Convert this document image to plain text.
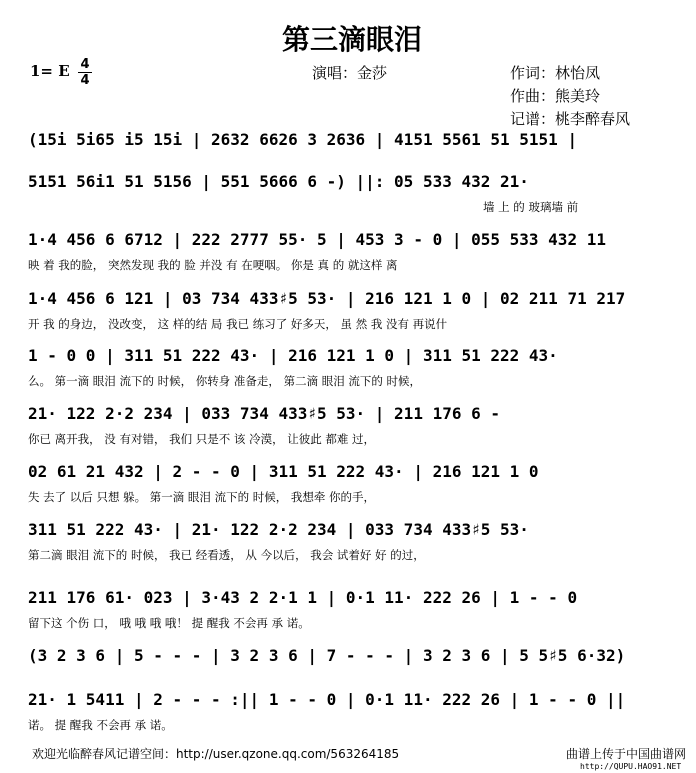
第三滴眼泪
1= E 4
4	演唱：金莎	作词：林怡凤
作曲：熊美玲
记谱：桃李醉春风
(15i 5i65 i5 15i | 2632 6626 3 2636 | 4151 5561 51 5151 |
5151 56i1 51 5156 | 551 5666 6 -) ||: 05 533 432 21·
墙 上 的 玻璃墙 前
1·4 456 6 6712 | 222 2777 55· 5 | 453 3 - 0 | 055 533 432 11
映 着 我的脸， 突然发现 我的 脸 并没 有 在哽咽。 你是 真 的 就这样 离
1·4 456 6 121 | 03 734 433♯5 53· | 216 121 1 0 | 02 211 71 217
开 我 的身边， 没改变， 这 样的结 局 我已 练习了 好多天， 虽 然 我 没有 再说什
1 - 0 0 | 311 51 222 43· | 216 121 1 0 | 311 51 222 43·
么。 第一滴 眼泪 流下的 时候， 你转身 准备走， 第二滴 眼泪 流下的 时候，
21· 122 2·2 234 | 033 734 433♯5 53· | 211 176 6 -
你已 离开我， 没 有对错， 我们 只是不 该 冷漠， 让彼此 都难 过，
02 61 21 432 | 2 - - 0 | 311 51 222 43· | 216 121 1 0
失 去了 以后 只想 躲。 第一滴 眼泪 流下的 时候， 我想牵 你的手，
311 51 222 43· | 21· 122 2·2 234 | 033 734 433♯5 53·
第二滴 眼泪 流下的 时候， 我已 经看透， 从 今以后， 我会 试着好 好 的过，
211 176 61· 023 | 3·43 2 2·1 1 | 0·1 11· 222 26 | 1 - - 0
留下这 个伤 口， 哦 哦 哦 哦！ 提 醒我 不会再 承 诺。
(3 2 3 6 | 5 - - - | 3 2 3 6 | 7 - - - | 3 2 3 6 | 5 5♯5 6·32)
21· 1 5411 | 2 - - - :|| 1 - - 0 | 0·1 11· 222 26 | 1 - - 0 ||
诺。 提 醒我 不会再 承 诺。
欢迎光临醉春风记谱空间：http://user.qzone.qq.com/563264185	曲谱上传于中国曲谱网
http://QUPU.HAO91.NET
